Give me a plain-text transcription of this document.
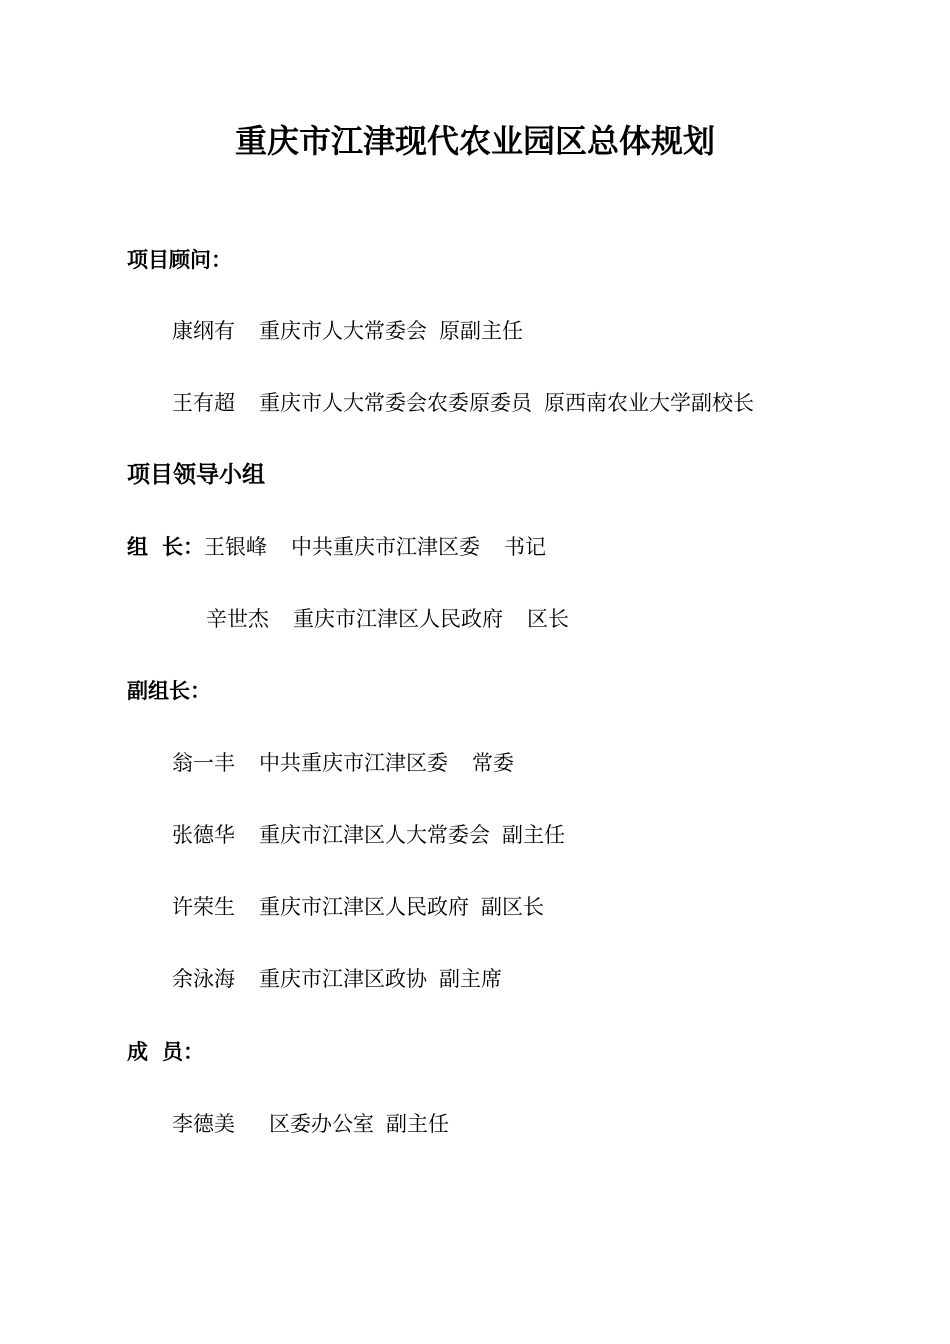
重庆市江津现代农业园区总体规划
项目顾问：
康纲有 重庆市人大常委会 原副主任
王有超 重庆市人大常委会农委原委员 原西南农业大学副校长
项目领导小组
组 长：王银峰 中共重庆市江津区委 书记
辛世杰 重庆市江津区人民政府 区长
副组长：
翁一丰 中共重庆市江津区委 常委
张德华 重庆市江津区人大常委会 副主任
许荣生 重庆市江津区人民政府 副区长
余泳海 重庆市江津区政协 副主席
成 员：
李德美 区委办公室 副主任
